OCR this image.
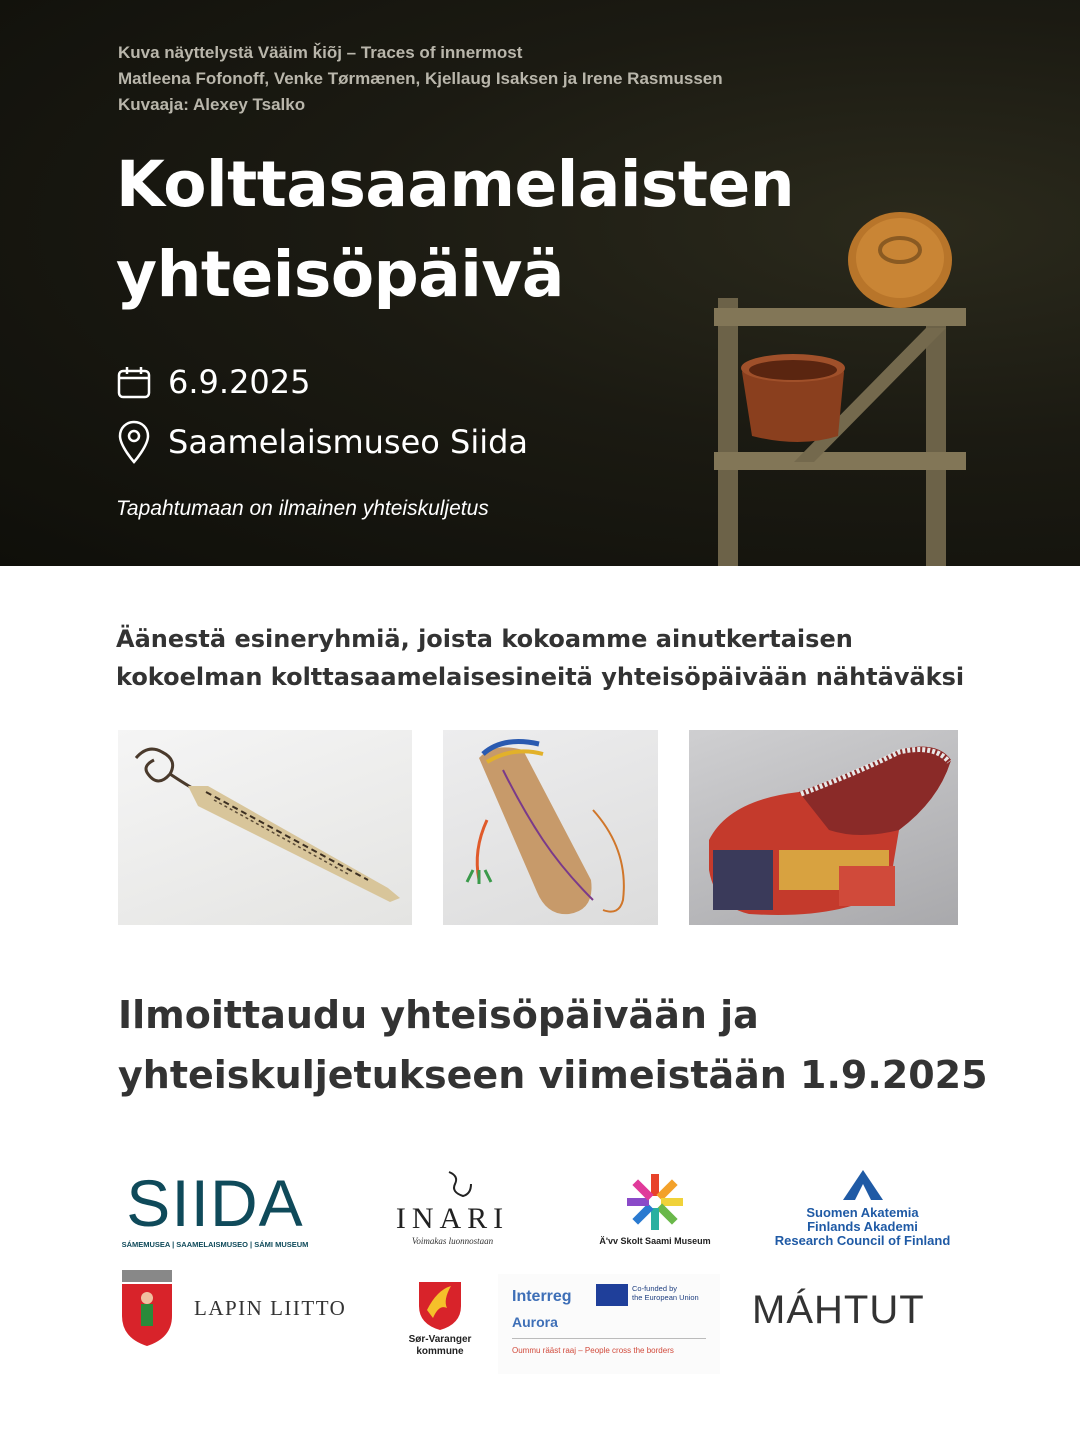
Kuva näyttelystä Vääim ǩiõj – Traces of innermost
Matleena Fofonoff, Venke Tørmænen, Kjellaug Isaksen ja Irene Rasmussen
Kuvaaja: Alexey Tsalko
Kolttasaamelaisten
yhteisöpäivä
6.9.2025
Saamelaismuseo Siida
Tapahtumaan on ilmainen yhteiskuljetus
Äänestä esineryhmiä, joista kokoamme ainutkertaisen
kokoelman kolttasaamelaisesineitä yhteisöpäivään nähtäväksi
Ilmoittaudu yhteisöpäivään ja
yhteiskuljetukseen viimeistään 1.9.2025
SIIDA
SÁMEMUSEA | SAAMELAISMUSEO | SÁMI MUSEUM
INARI
Voimakas luonnostaan	Äʹvv Skolt Saami Museum
Suomen Akatemia
Finlands Akademi
Research Council of Finland
LAPIN LIITTO
Sør-Varanger
kommune
Interreg	Co-funded by
the European Union
Aurora
Oummu rääst raaj – People cross the borders
MÁHTUT
